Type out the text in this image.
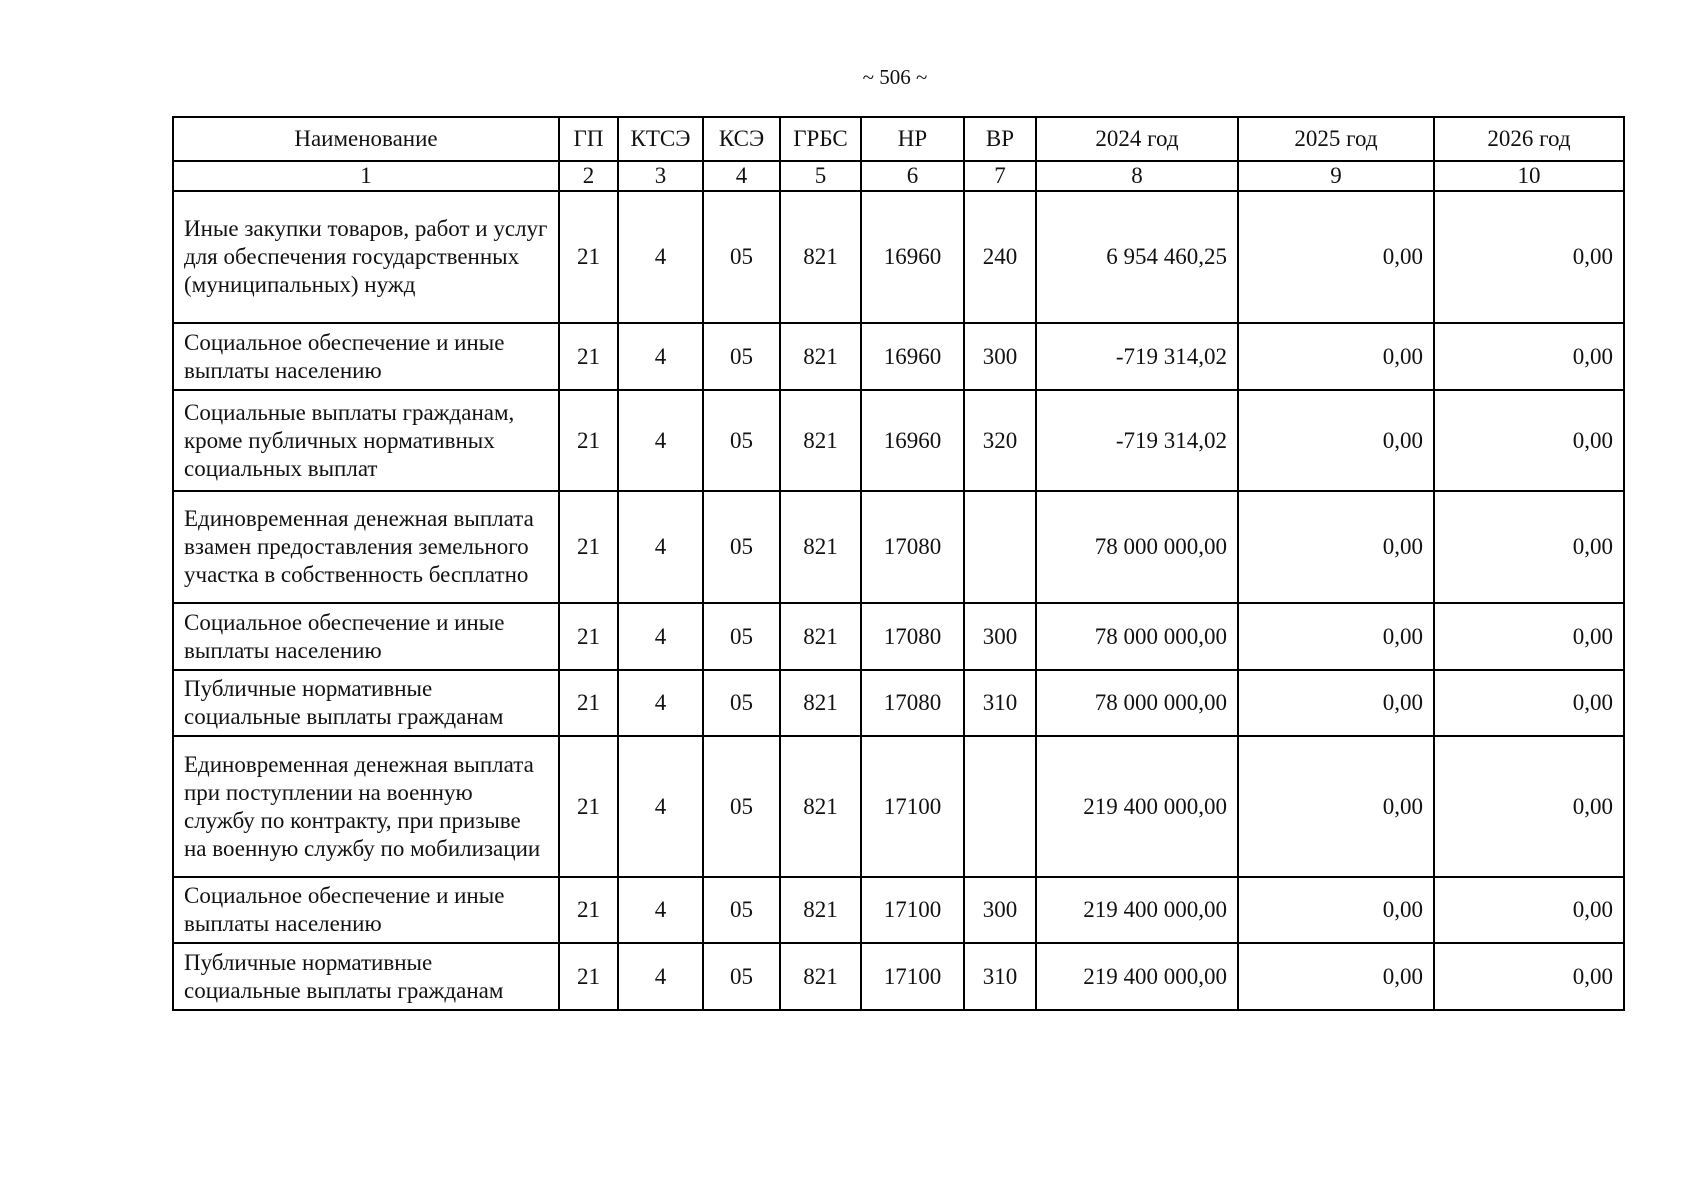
~ 506 ~
Наименование	ГП	КТСЭ	КСЭ	ГРБС	НР	ВР	2024 год	2025 год	2026 год
1	2	3	4	5	6	7	8	9	10
Иные закупки товаров, работ и услуг для обеспечения государственных (муниципальных) нужд	21	4	05	821	16960	240	6 954 460,25	0,00	0,00
Социальное обеспечение и иные выплаты населению	21	4	05	821	16960	300	-719 314,02	0,00	0,00
Социальные выплаты гражданам, кроме публичных нормативных социальных выплат	21	4	05	821	16960	320	-719 314,02	0,00	0,00
Единовременная денежная выплата взамен предоставления земельного участка в собственность бесплатно	21	4	05	821	17080		78 000 000,00	0,00	0,00
Социальное обеспечение и иные выплаты населению	21	4	05	821	17080	300	78 000 000,00	0,00	0,00
Публичные нормативные социальные выплаты гражданам	21	4	05	821	17080	310	78 000 000,00	0,00	0,00
Единовременная денежная выплата при поступлении на военную службу по контракту, при призыве на военную службу по мобилизации	21	4	05	821	17100		219 400 000,00	0,00	0,00
Социальное обеспечение и иные выплаты населению	21	4	05	821	17100	300	219 400 000,00	0,00	0,00
Публичные нормативные социальные выплаты гражданам	21	4	05	821	17100	310	219 400 000,00	0,00	0,00
